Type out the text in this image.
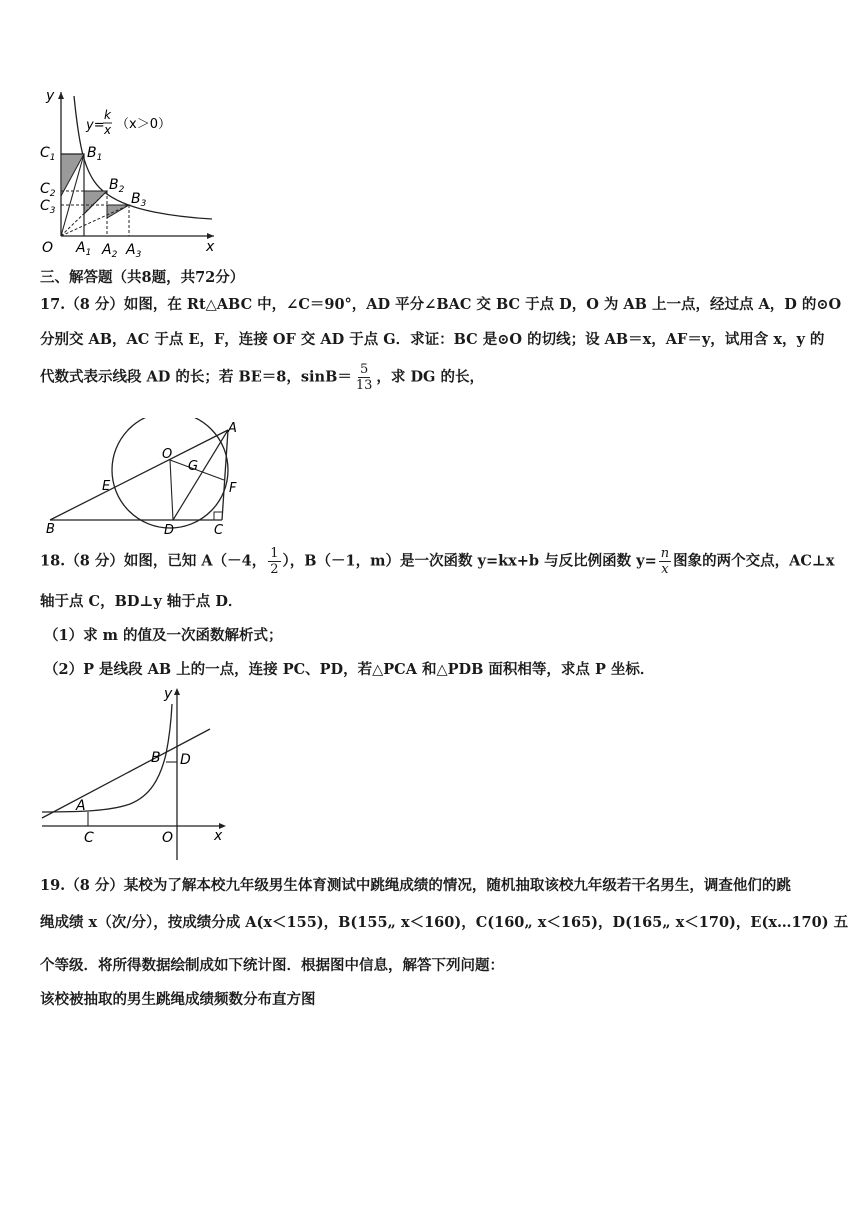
y
x
O
y=
k
x （x＞0）
$C_1$ $B_1$
$C_2$
$B_2$
$C_3$
$B_3$
$A_1$ $A_2$ $A_3$
三、解答题（共8题，共72分）
17.（8 分）如图，在 Rt△ABC 中，∠C＝90°，AD 平分∠BAC 交 BC 于点 D，O 为 AB 上一点，经过点 A，D 的⊙O
分别交 AB，AC 于点 E，F，连接 OF 交 AD 于点 G．求证：BC 是⊙O 的切线；设 AB＝x，AF＝y，试用含 x，y 的
代数式表示线段 AD 的长；若 BE＝8，$\sin B= \frac{5}{13}$ ，求 DG 的长，
A
O
G
E	F
B	D	C
18.（8 分）如图，已知 A（－4， $\frac{1}{2}$ ），B（－1，m）是一次函数 y=kx+b 与反比例函数 $y= \frac{n}{x}$ 图象的两个交点，AC⊥x
轴于点 C，BD⊥y 轴于点 D．
（1）求 m 的值及一次函数解析式；
（2）P 是线段 AB 上的一点，连接 PC、PD，若△PCA 和△PDB 面积相等，求点 P 坐标．
y
x
B D
A
C	O
19.（8 分）某校为了解本校九年级男生体育测试中跳绳成绩的情况，随机抽取该校九年级若干名男生，调查他们的跳
绳成绩 x（次/分），按成绩分成 A(x＜155)，B(155„ x＜160)，C(160„ x＜165)，D(165„ x＜170)，E(x…170) 五
个等级．将所得数据绘制成如下统计图．根据图中信息，解答下列问题：
该校被抽取的男生跳绳成绩频数分布直方图
